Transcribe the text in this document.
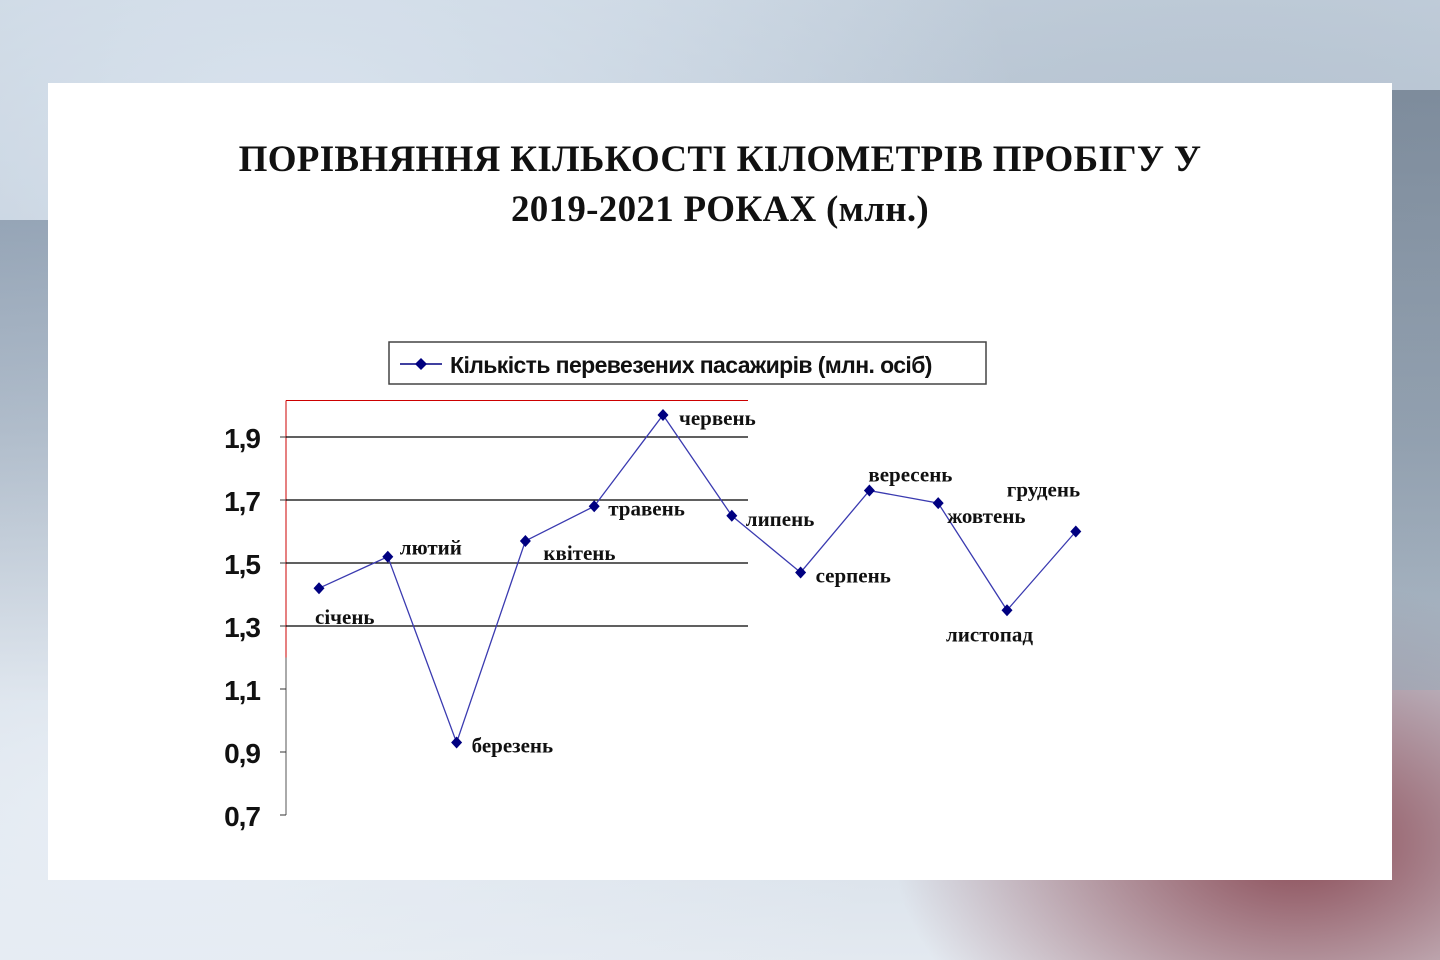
ПОРІВНЯННЯ КІЛЬКОСТІ КІЛОМЕТРІВ ПРОБІГУ У
2019-2021 РОКАХ (млн.)
1,9
1,7
1,5
1,3
1,1
0,9
0,7
Кількість перевезених пасажирів (млн. осіб)
січень
лютий
березень
квітень
травень
червень
липень
серпень
вересень
жовтень
листопад
грудень
